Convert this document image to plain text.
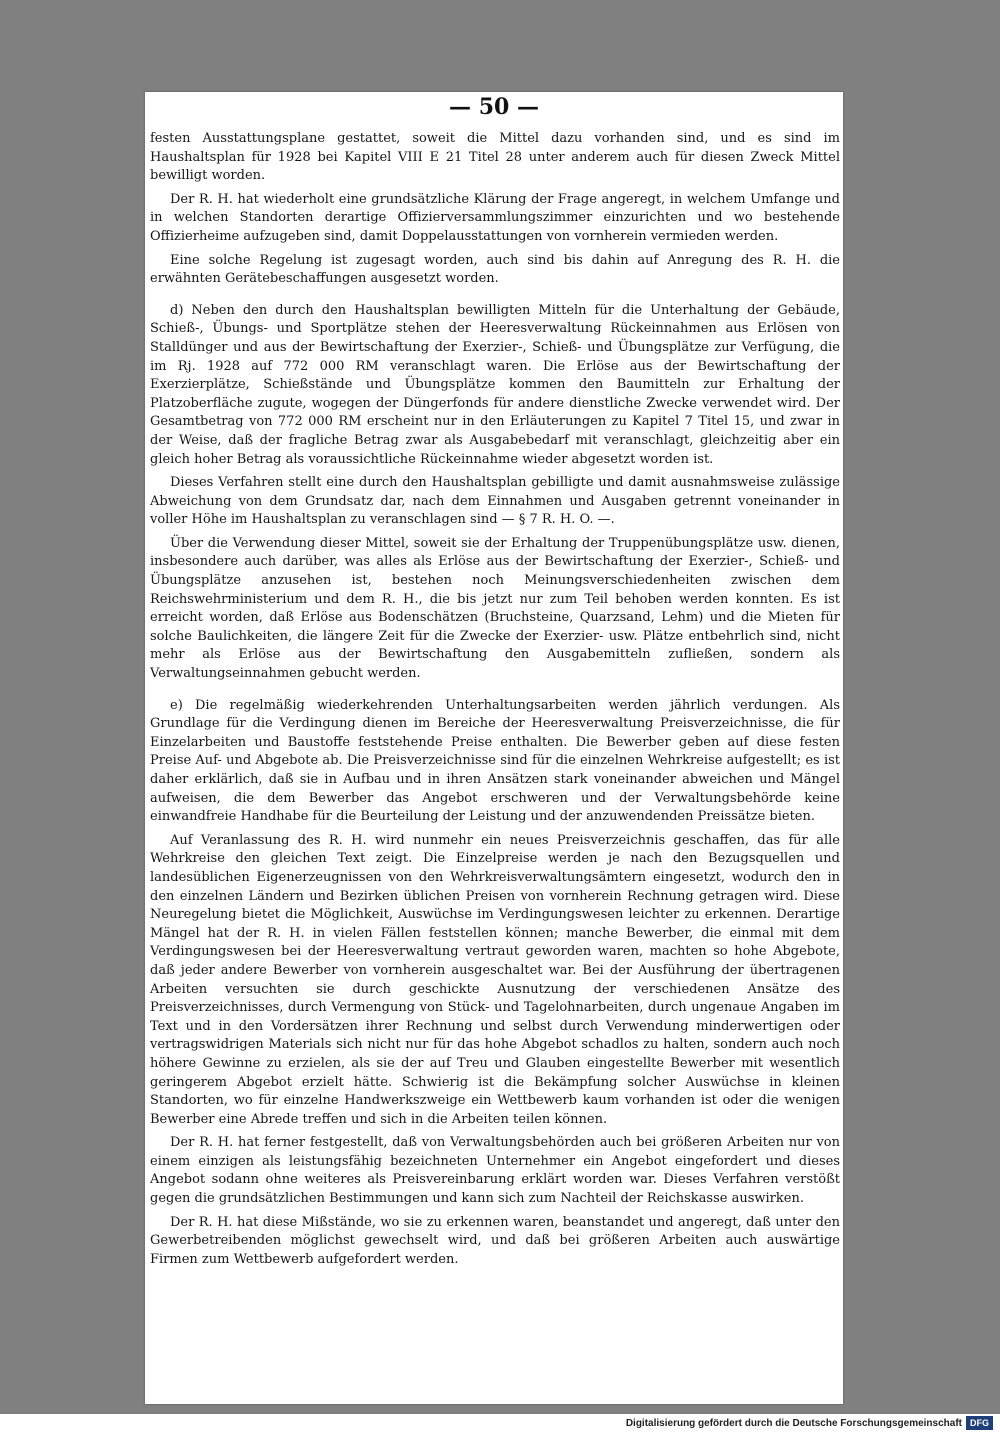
— 50 —

festen Ausstattungsplane gestattet, soweit die Mittel dazu vorhanden sind, und es sind im Haushaltsplan für 1928 bei Kapitel VIII E 21 Titel 28 unter anderem auch für diesen Zweck Mittel bewilligt worden.

Der R. H. hat wiederholt eine grundsätzliche Klärung der Frage angeregt, in welchem Umfange und in welchen Standorten derartige Offizierversammlungszimmer einzurichten und wo bestehende Offizierheime aufzugeben sind, damit Doppelausstattungen von vornherein vermieden werden.

Eine solche Regelung ist zugesagt worden, auch sind bis dahin auf Anregung des R. H. die erwähnten Gerätebeschaffungen ausgesetzt worden.

d) Neben den durch den Haushaltsplan bewilligten Mitteln für die Unterhaltung der Gebäude, Schieß-, Übungs- und Sportplätze stehen der Heeresverwaltung Rückeinnahmen aus Erlösen von Stalldünger und aus der Bewirtschaftung der Exerzier-, Schieß- und Übungsplätze zur Verfügung, die im Rj. 1928 auf 772 000 RM veranschlagt waren. Die Erlöse aus der Bewirtschaftung der Exerzierplätze, Schießstände und Übungsplätze kommen den Baumitteln zur Erhaltung der Platzoberfläche zugute, wogegen der Düngerfonds für andere dienstliche Zwecke verwendet wird. Der Gesamtbetrag von 772 000 RM erscheint nur in den Erläuterungen zu Kapitel 7 Titel 15, und zwar in der Weise, daß der fragliche Betrag zwar als Ausgabebedarf mit veranschlagt, gleichzeitig aber ein gleich hoher Betrag als voraussichtliche Rückeinnahme wieder abgesetzt worden ist.

Dieses Verfahren stellt eine durch den Haushaltsplan gebilligte und damit ausnahmsweise zulässige Abweichung von dem Grundsatz dar, nach dem Einnahmen und Ausgaben getrennt voneinander in voller Höhe im Haushaltsplan zu veranschlagen sind — § 7 R. H. O. —.

Über die Verwendung dieser Mittel, soweit sie der Erhaltung der Truppenübungsplätze usw. dienen, insbesondere auch darüber, was alles als Erlöse aus der Bewirtschaftung der Exerzier-, Schieß- und Übungsplätze anzusehen ist, bestehen noch Meinungsverschiedenheiten zwischen dem Reichswehrministerium und dem R. H., die bis jetzt nur zum Teil behoben werden konnten. Es ist erreicht worden, daß Erlöse aus Bodenschätzen (Bruchsteine, Quarzsand, Lehm) und die Mieten für solche Baulichkeiten, die längere Zeit für die Zwecke der Exerzier- usw. Plätze entbehrlich sind, nicht mehr als Erlöse aus der Bewirtschaftung den Ausgabemitteln zufließen, sondern als Verwaltungseinnahmen gebucht werden.

e) Die regelmäßig wiederkehrenden Unterhaltungsarbeiten werden jährlich verdungen. Als Grundlage für die Verdingung dienen im Bereiche der Heeresverwaltung Preisverzeichnisse, die für Einzelarbeiten und Baustoffe feststehende Preise enthalten. Die Bewerber geben auf diese festen Preise Auf- und Abgebote ab. Die Preisverzeichnisse sind für die einzelnen Wehrkreise aufgestellt; es ist daher erklärlich, daß sie in Aufbau und in ihren Ansätzen stark voneinander abweichen und Mängel aufweisen, die dem Bewerber das Angebot erschweren und der Verwaltungsbehörde keine einwandfreie Handhabe für die Beurteilung der Leistung und der anzuwendenden Preissätze bieten.

Auf Veranlassung des R. H. wird nunmehr ein neues Preisverzeichnis geschaffen, das für alle Wehrkreise den gleichen Text zeigt. Die Einzelpreise werden je nach den Bezugsquellen und landesüblichen Eigenerzeugnissen von den Wehrkreisverwaltungsämtern eingesetzt, wodurch den in den einzelnen Ländern und Bezirken üblichen Preisen von vornherein Rechnung getragen wird. Diese Neuregelung bietet die Möglichkeit, Auswüchse im Verdingungswesen leichter zu erkennen. Derartige Mängel hat der R. H. in vielen Fällen feststellen können; manche Bewerber, die einmal mit dem Verdingungswesen bei der Heeresverwaltung vertraut geworden waren, machten so hohe Abgebote, daß jeder andere Bewerber von vornherein ausgeschaltet war. Bei der Ausführung der übertragenen Arbeiten versuchten sie durch geschickte Ausnutzung der verschiedenen Ansätze des Preisverzeichnisses, durch Vermengung von Stück- und Tagelohnarbeiten, durch ungenaue Angaben im Text und in den Vordersätzen ihrer Rechnung und selbst durch Verwendung minderwertigen oder vertragswidrigen Materials sich nicht nur für das hohe Abgebot schadlos zu halten, sondern auch noch höhere Gewinne zu erzielen, als sie der auf Treu und Glauben eingestellte Bewerber mit wesentlich geringerem Abgebot erzielt hätte. Schwierig ist die Bekämpfung solcher Auswüchse in kleinen Standorten, wo für einzelne Handwerkszweige ein Wettbewerb kaum vorhanden ist oder die wenigen Bewerber eine Abrede treffen und sich in die Arbeiten teilen können.

Der R. H. hat ferner festgestellt, daß von Verwaltungsbehörden auch bei größeren Arbeiten nur von einem einzigen als leistungsfähig bezeichneten Unternehmer ein Angebot eingefordert und dieses Angebot sodann ohne weiteres als Preisvereinbarung erklärt worden war. Dieses Verfahren verstößt gegen die grundsätzlichen Bestimmungen und kann sich zum Nachteil der Reichskasse auswirken.

Der R. H. hat diese Mißstände, wo sie zu erkennen waren, beanstandet und angeregt, daß unter den Gewerbetreibenden möglichst gewechselt wird, und daß bei größeren Arbeiten auch auswärtige Firmen zum Wettbewerb aufgefordert werden.

Digitalisierung gefördert durch die Deutsche Forschungsgemeinschaft DFG
